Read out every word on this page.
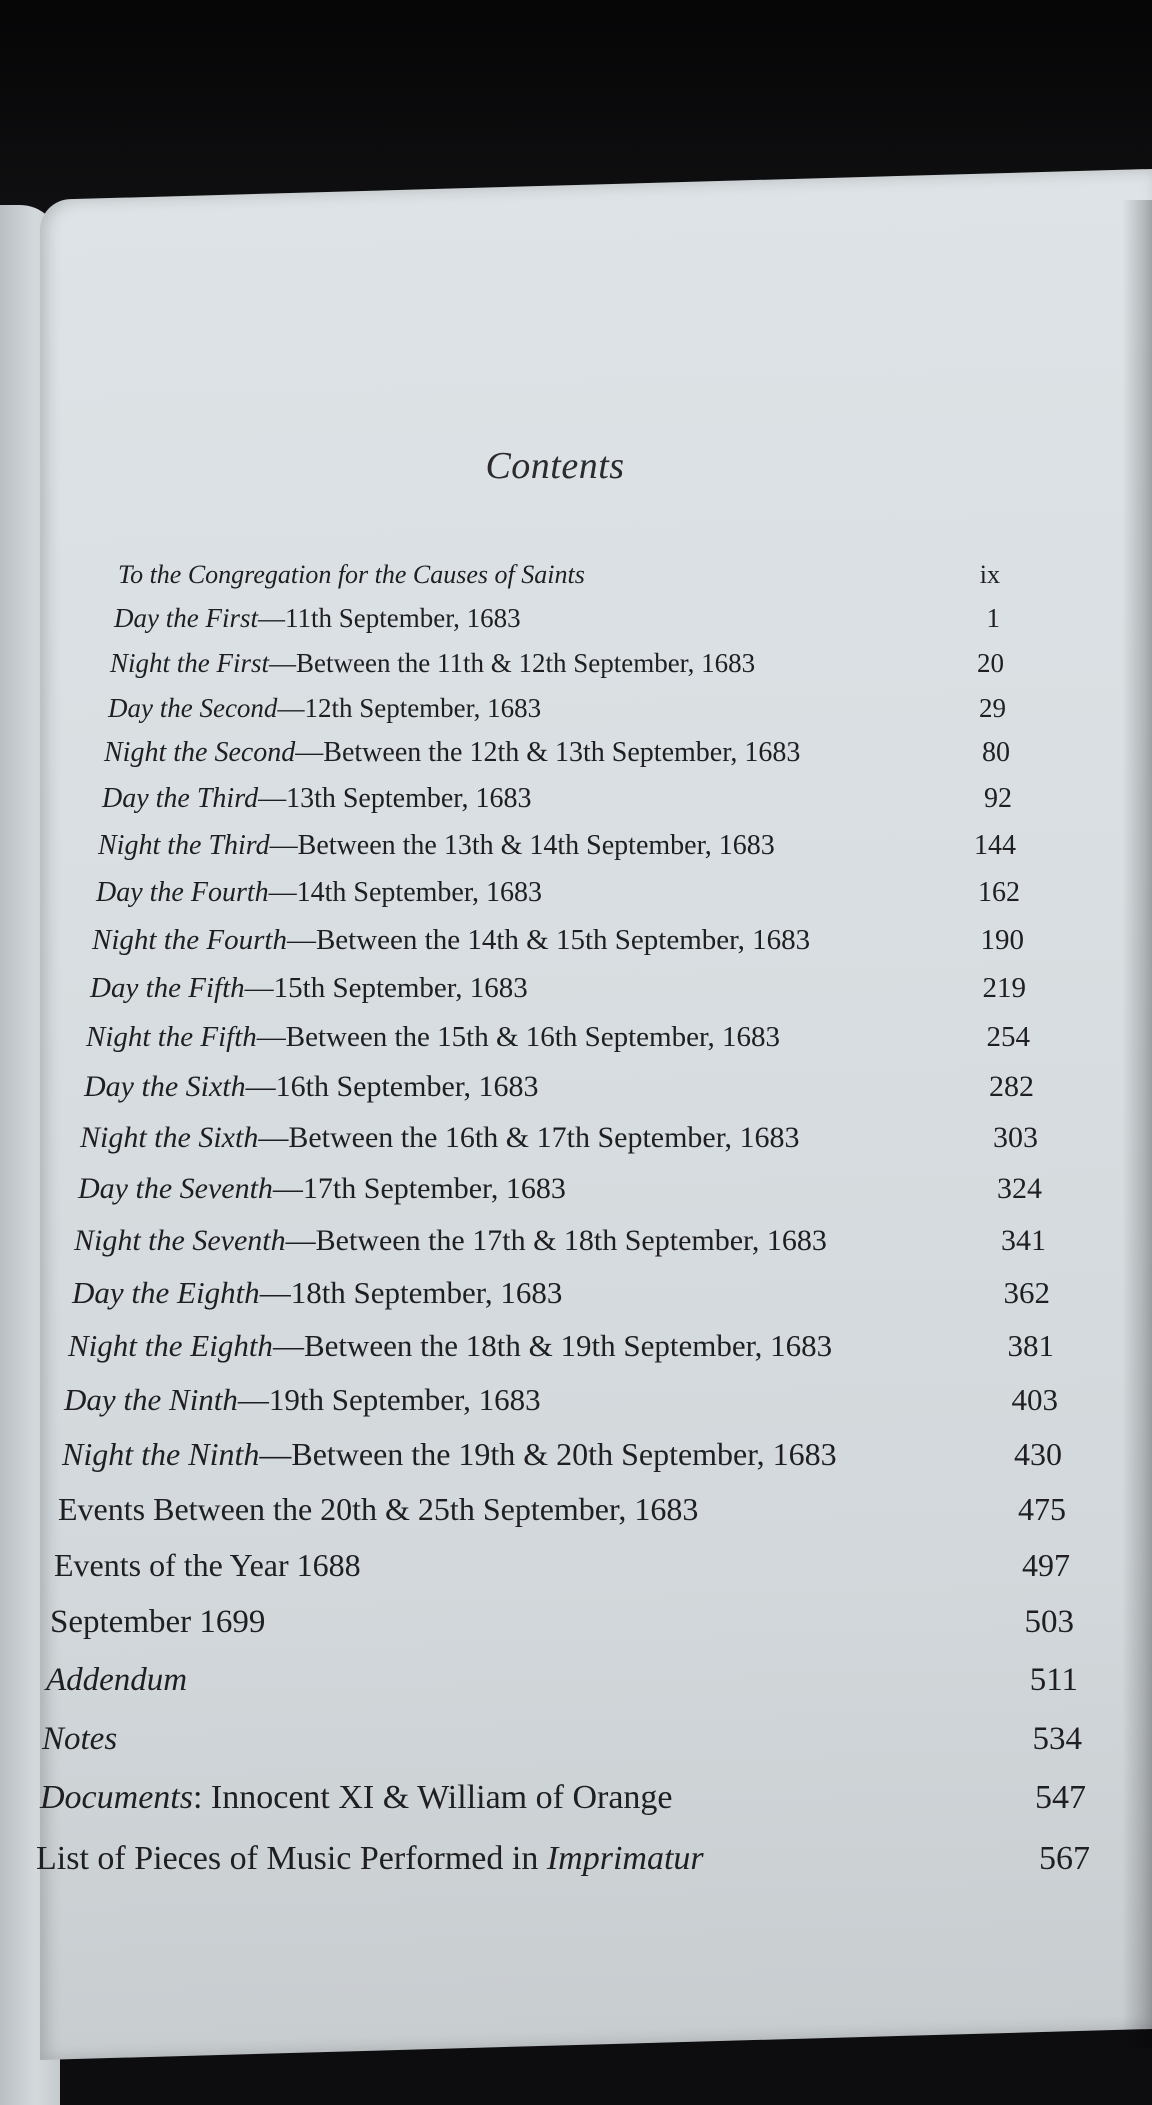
Contents
To the Congregation for the Causes of Saints	ix
Day the First—11th September, 1683	1
Night the First—Between the 11th & 12th September, 1683	20
Day the Second—12th September, 1683	29
Night the Second—Between the 12th & 13th September, 1683	80
Day the Third—13th September, 1683	92
Night the Third—Between the 13th & 14th September, 1683	144
Day the Fourth—14th September, 1683	162
Night the Fourth—Between the 14th & 15th September, 1683	190
Day the Fifth—15th September, 1683	219
Night the Fifth—Between the 15th & 16th September, 1683	254
Day the Sixth—16th September, 1683	282
Night the Sixth—Between the 16th & 17th September, 1683	303
Day the Seventh—17th September, 1683	324
Night the Seventh—Between the 17th & 18th September, 1683	341
Day the Eighth—18th September, 1683	362
Night the Eighth—Between the 18th & 19th September, 1683	381
Day the Ninth—19th September, 1683	403
Night the Ninth—Between the 19th & 20th September, 1683	430
Events Between the 20th & 25th September, 1683	475
Events of the Year 1688	497
September 1699	503
Addendum	511
Notes	534
Documents: Innocent XI & William of Orange	547
List of Pieces of Music Performed in Imprimatur	567
